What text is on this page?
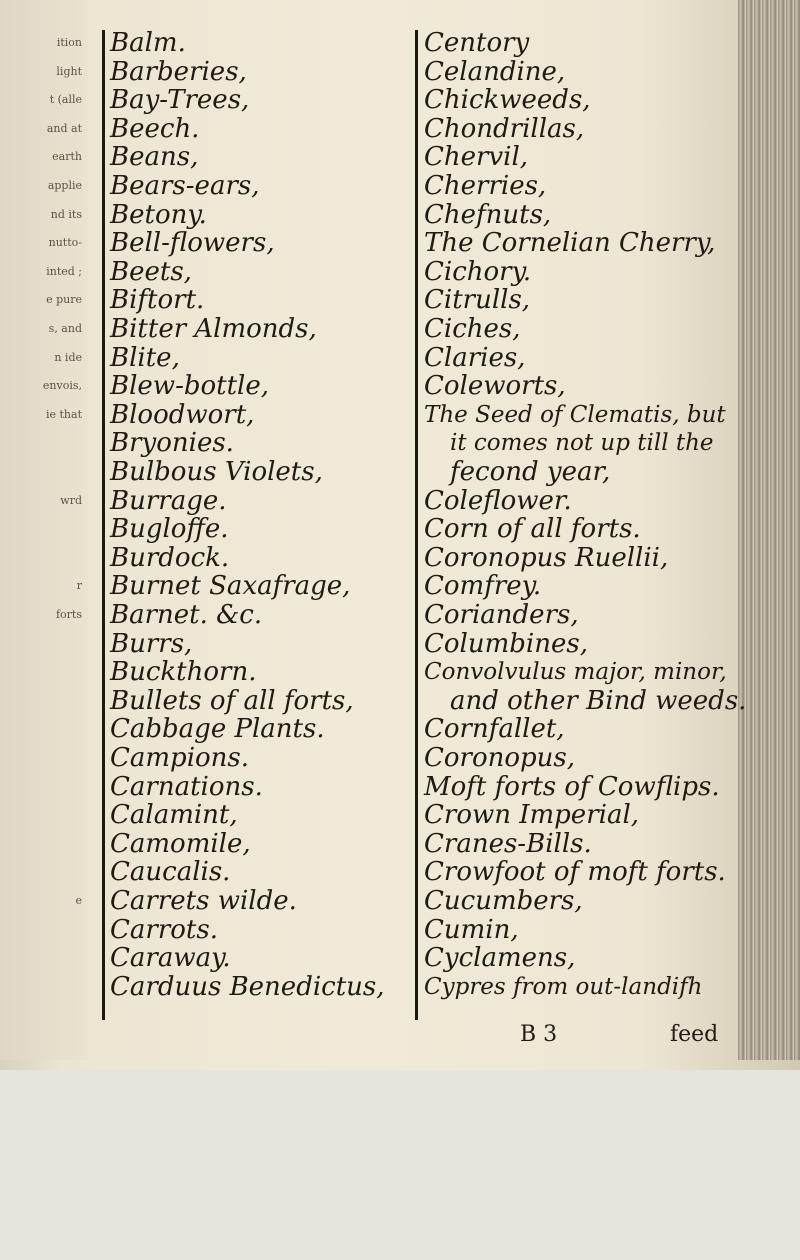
ition
light
t (alle
and at
earth
applie
nd its
nutto-
inted ;
e pure
s, and
n ide
envois,
ie that
wrd
r
forts
e
Balm.
Barberies,
Bay-Trees,
Beech.
Beans,
Bears-ears,
Betony.
Bell-flowers,
Beets,
Biftort.
Bitter Almonds,
Blite,
Blew-bottle,
Bloodwort,
Bryonies.
Bulbous Violets,
Burrage.
Bugloffe.
Burdock.
Burnet Saxafrage,
Barnet. &c.
Burrs,
Buckthorn.
Bullets of all forts,
Cabbage Plants.
Campions.
Carnations.
Calamint,
Camomile,
Caucalis.
Carrets wilde.
Carrots.
Caraway.
Carduus Benedictus,
Centory
Celandine,
Chickweeds,
Chondrillas,
Chervil,
Cherries,
Chefnuts,
The Cornelian Cherry,
Cichory.
Citrulls,
Ciches,
Claries,
Coleworts,
The Seed of Clematis, but
it comes not up till the
fecond year,
Coleflower.
Corn of all forts.
Coronopus Ruellii,
Comfrey.
Corianders,
Columbines,
Convolvulus major, minor,
and other Bind weeds.
Cornfallet,
Coronopus,
Moft forts of Cowflips.
Crown Imperial,
Cranes-Bills.
Crowfoot of moft forts.
Cucumbers,
Cumin,
Cyclamens,
Cypres from out-landifh
B 3	feed
